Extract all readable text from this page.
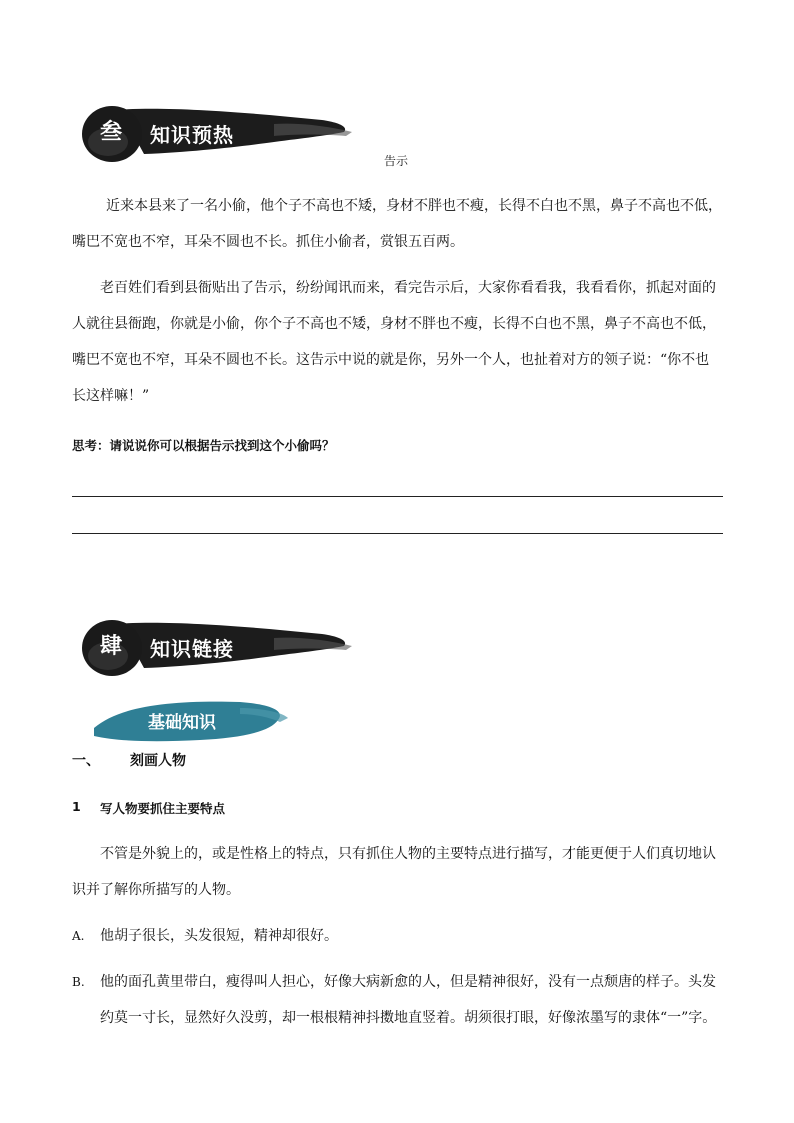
叁	知识预热
告示
近来本县来了一名小偷，他个子不高也不矮，身材不胖也不瘦，长得不白也不黑，鼻子不高也不低，
嘴巴不宽也不窄，耳朵不圆也不长。抓住小偷者，赏银五百两。
老百姓们看到县衙贴出了告示，纷纷闻讯而来，看完告示后，大家你看看我，我看看你，抓起对面的
人就往县衙跑，你就是小偷，你个子不高也不矮，身材不胖也不瘦，长得不白也不黑，鼻子不高也不低，
嘴巴不宽也不窄，耳朵不圆也不长。这告示中说的就是你，另外一个人，也扯着对方的领子说：“你不也
长这样嘛！”
思考：请说说你可以根据告示找到这个小偷吗？
肆	知识链接
基础知识
一、 刻画人物
1 写人物要抓住主要特点
不管是外貌上的，或是性格上的特点，只有抓住人物的主要特点进行描写，才能更便于人们真切地认
识并了解你所描写的人物。
A. 他胡子很长，头发很短，精神却很好。
B. 他的面孔黄里带白，瘦得叫人担心，好像大病新愈的人，但是精神很好，没有一点颓唐的样子。头发
约莫一寸长，显然好久没剪，却一根根精神抖擞地直竖着。胡须很打眼，好像浓墨写的隶体“一”字。
